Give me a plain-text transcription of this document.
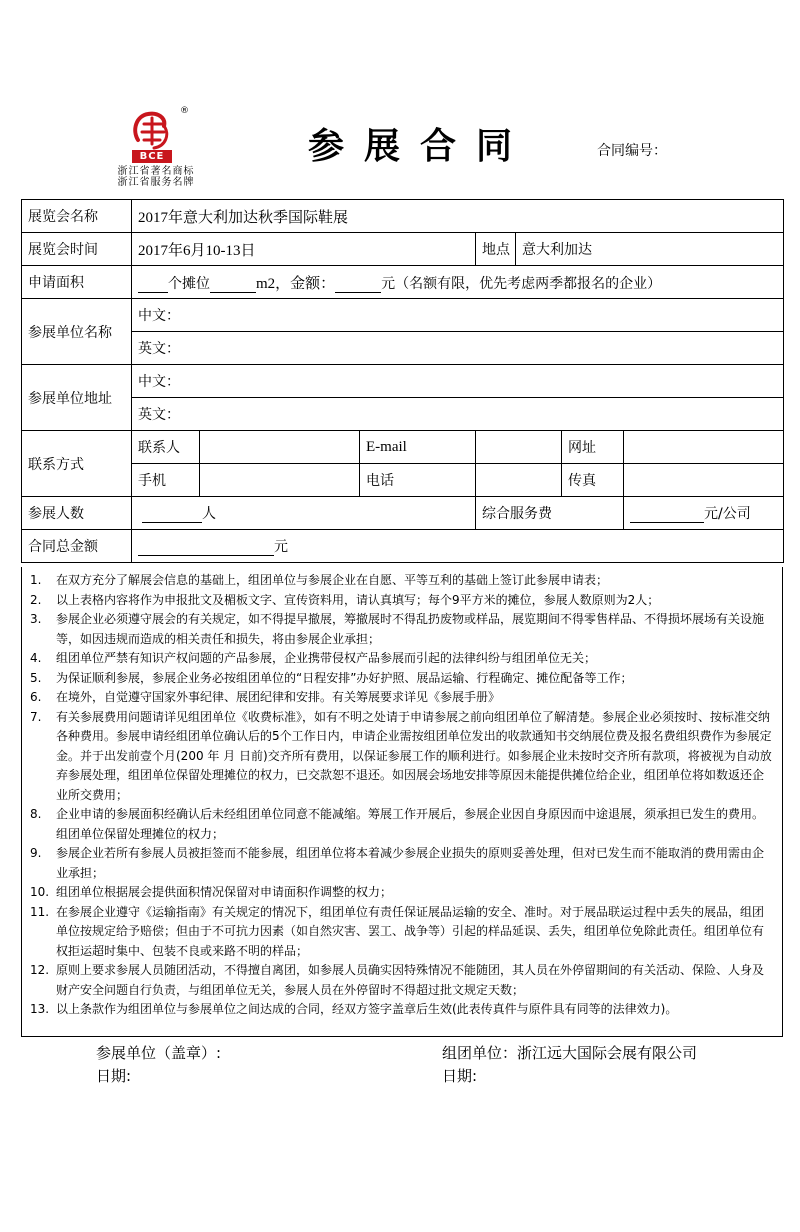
®
BCE
浙江省著名商标
浙江省服务名牌
参展合同	合同编号：
展览会名称	2017年意大利加达秋季国际鞋展						
展览会时间	2017年6月10-13日			地点	意大利加达		
申请面积	个摊位 m2，金额： 元（名额有限，优先考虑两季都报名的企业）						
参展单位名称	中文：						
	英文：						
参展单位地址	中文：						
	英文：						
联系方式	联系人		E-mail			网址	
	手机		电话			传真	
参展人数	人			综合服务费			元/公司
合同总金额	元						
1.	在双方充分了解展会信息的基础上，组团单位与参展企业在自愿、平等互利的基础上签订此参展申请表；
2.	以上表格内容将作为申报批文及楣板文字、宣传资料用，请认真填写；每个9平方米的摊位，参展人数原则为2人；
3.	参展企业必须遵守展会的有关规定，如不得提早撤展，筹撤展时不得乱扔废物或样品，展览期间不得零售样品、不得损坏展场有关设施等，如因违规而造成的相关责任和损失，将由参展企业承担；
4.	组团单位严禁有知识产权问题的产品参展，企业携带侵权产品参展而引起的法律纠纷与组团单位无关；
5.	为保证顺利参展，参展企业务必按组团单位的“日程安排”办好护照、展品运输、行程确定、摊位配备等工作；
6.	在境外，自觉遵守国家外事纪律、展团纪律和安排。有关筹展要求详见《参展手册》
7.	有关参展费用问题请详见组团单位《收费标准》，如有不明之处请于申请参展之前向组团单位了解清楚。参展企业必须按时、按标准交纳各种费用。参展申请经组团单位确认后的5个工作日内，申请企业需按组团单位发出的收款通知书交纳展位费及报名费组织费作为参展定金。并于出发前壹个月(200 年 月 日前)交齐所有费用，以保证参展工作的顺利进行。如参展企业未按时交齐所有款项，将被视为自动放弃参展处理，组团单位保留处理摊位的权力，已交款恕不退还。如因展会场地安排等原因未能提供摊位给企业，组团单位将如数返还企业所交费用；
8.	企业申请的参展面积经确认后未经组团单位同意不能减缩。筹展工作开展后，参展企业因自身原因而中途退展，须承担已发生的费用。组团单位保留处理摊位的权力；
9.	参展企业若所有参展人员被拒签而不能参展，组团单位将本着减少参展企业损失的原则妥善处理，但对已发生而不能取消的费用需由企业承担；
10. 组团单位根据展会提供面积情况保留对申请面积作调整的权力；
11. 在参展企业遵守《运输指南》有关规定的情况下，组团单位有责任保证展品运输的安全、准时。对于展品联运过程中丢失的展品，组团单位按规定给予赔偿；但由于不可抗力因素（如自然灾害、罢工、战争等）引起的样品延误、丢失，组团单位免除此责任。组团单位有权拒运超时集中、包装不良或来路不明的样品；
12. 原则上要求参展人员随团活动，不得擅自离团，如参展人员确实因特殊情况不能随团，其人员在外停留期间的有关活动、保险、人身及财产安全问题自行负责，与组团单位无关，参展人员在外停留时不得超过批文规定天数；
13. 以上条款作为组团单位与参展单位之间达成的合同，经双方签字盖章后生效(此表传真件与原件具有同等的法律效力)。
参展单位（盖章）:
日期:
组团单位：浙江远大国际会展有限公司
日期:
